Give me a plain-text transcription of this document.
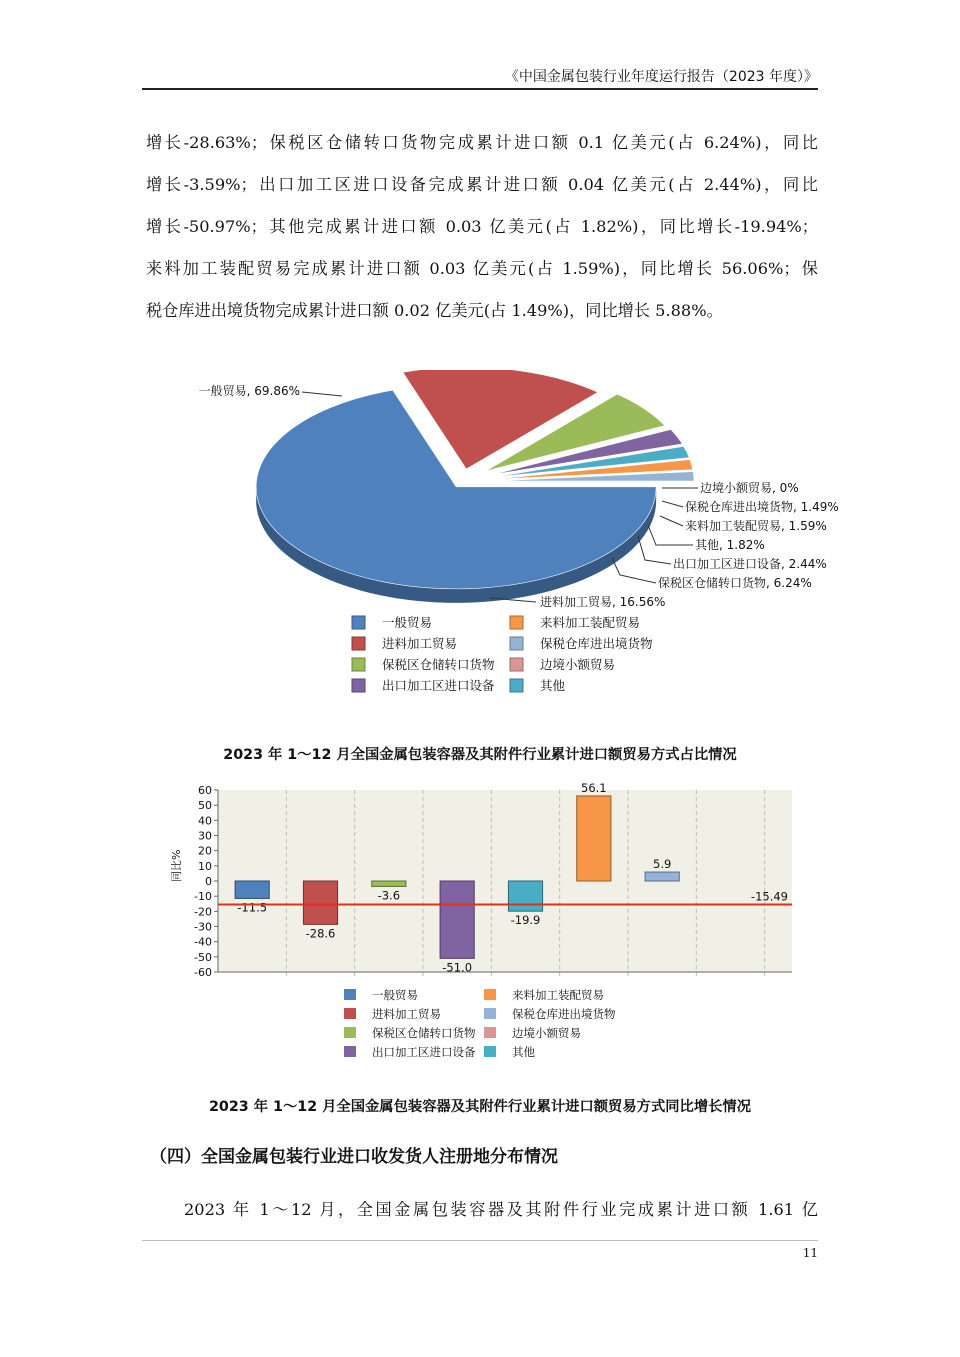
《中国金属包装行业年度运行报告（2023 年度）》
增长-28.63%；保税区仓储转口货物完成累计进口额 0.1 亿美元(占 6.24%)，同比
增长-3.59%；出口加工区进口设备完成累计进口额 0.04 亿美元(占 2.44%)，同比
增长-50.97%；其他完成累计进口额 0.03 亿美元(占 1.82%)，同比增长-19.94%；
来料加工装配贸易完成累计进口额 0.03 亿美元(占 1.59%)，同比增长 56.06%；保
税仓库进出境货物完成累计进口额 0.02 亿美元(占 1.49%)，同比增长 5.88%。
一般贸易, 69.86%
进料加工贸易, 16.56%
保税区仓储转口货物, 6.24%
出口加工区进口设备, 2.44%
其他, 1.82%
来料加工装配贸易, 1.59%
保税仓库进出境货物, 1.49%
边境小额贸易, 0%
一般贸易	来料加工装配贸易
进料加工贸易	保税仓库进出境货物
保税区仓储转口货物	边境小额贸易
出口加工区进口设备	其他
2023 年 1～12 月全国金属包装容器及其附件行业累计进口额贸易方式占比情况
60
50
40
30
20
10
0
-10
-20
-30
-40
-50
-60
同比%
-11.5
-28.6
-3.6
-51.0
-19.9
56.1
5.9
-15.49
一般贸易	来料加工装配贸易
进料加工贸易	保税仓库进出境货物
保税区仓储转口货物	边境小额贸易
出口加工区进口设备	其他
2023 年 1～12 月全国金属包装容器及其附件行业累计进口额贸易方式同比增长情况
（四）全国金属包装行业进口收发货人注册地分布情况
2023 年 1～12 月，全国金属包装容器及其附件行业完成累计进口额 1.61 亿
11
